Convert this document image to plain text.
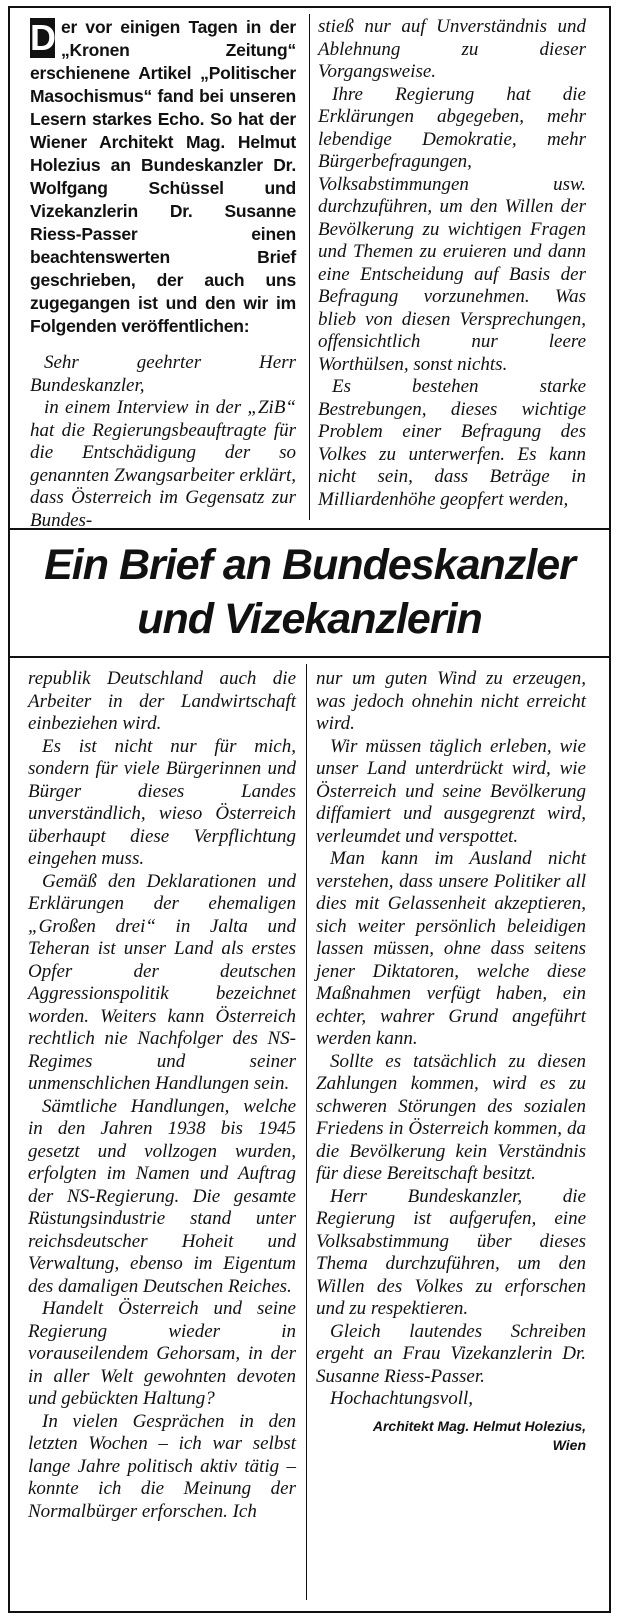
D er vor einigen Tagen in der „Kronen Zeitung“ erschienene Artikel „Politischer Masochismus“ fand bei unseren Lesern starkes Echo. So hat der Wiener Architekt Mag. Helmut Holezius an Bundeskanzler Dr. Wolfgang Schüssel und Vizekanzlerin Dr. Susanne Riess-Passer einen beachtenswerten Brief geschrieben, der auch uns zugegangen ist und den wir im Folgenden veröffentlichen:

Sehr geehrter Herr Bundeskanzler,

in einem Interview in der „ZiB“ hat die Regierungsbeauftragte für die Entschädigung der so genannten Zwangsarbeiter erklärt, dass Österreich im Gegensatz zur Bundes-

stieß nur auf Unverständnis und Ablehnung zu dieser Vorgangsweise.

Ihre Regierung hat die Erklärungen abgegeben, mehr lebendige Demokratie, mehr Bürgerbefragungen, Volksabstimmungen usw. durchzuführen, um den Willen der Bevölkerung zu wichtigen Fragen und Themen zu eruieren und dann eine Entscheidung auf Basis der Befragung vorzunehmen. Was blieb von diesen Versprechungen, offensichtlich nur leere Worthülsen, sonst nichts.

Es bestehen starke Bestrebungen, dieses wichtige Problem einer Befragung des Volkes zu unterwerfen. Es kann nicht sein, dass Beträge in Milliardenhöhe geopfert werden,

Ein Brief an Bundeskanzler
und Vizekanzlerin

republik Deutschland auch die Arbeiter in der Landwirtschaft einbeziehen wird.

Es ist nicht nur für mich, sondern für viele Bürgerinnen und Bürger dieses Landes unverständlich, wieso Österreich überhaupt diese Verpflichtung eingehen muss.

Gemäß den Deklarationen und Erklärungen der ehemaligen „Großen drei“ in Jalta und Teheran ist unser Land als erstes Opfer der deutschen Aggressionspolitik bezeichnet worden. Weiters kann Österreich rechtlich nie Nachfolger des NS-Regimes und seiner unmenschlichen Handlungen sein.

Sämtliche Handlungen, welche in den Jahren 1938 bis 1945 gesetzt und vollzogen wurden, erfolgten im Namen und Auftrag der NS-Regierung. Die gesamte Rüstungsindustrie stand unter reichsdeutscher Hoheit und Verwaltung, ebenso im Eigentum des damaligen Deutschen Reiches.

Handelt Österreich und seine Regierung wieder in vorauseilendem Gehorsam, in der in aller Welt gewohnten devoten und gebückten Haltung?

In vielen Gesprächen in den letzten Wochen – ich war selbst lange Jahre politisch aktiv tätig – konnte ich die Meinung der Normalbürger erforschen. Ich

nur um guten Wind zu erzeugen, was jedoch ohnehin nicht erreicht wird.

Wir müssen täglich erleben, wie unser Land unterdrückt wird, wie Österreich und seine Bevölkerung diffamiert und ausgegrenzt wird, verleumdet und verspottet.

Man kann im Ausland nicht verstehen, dass unsere Politiker all dies mit Gelassenheit akzeptieren, sich weiter persönlich beleidigen lassen müssen, ohne dass seitens jener Diktatoren, welche diese Maßnahmen verfügt haben, ein echter, wahrer Grund angeführt werden kann.

Sollte es tatsächlich zu diesen Zahlungen kommen, wird es zu schweren Störungen des sozialen Friedens in Österreich kommen, da die Bevölkerung kein Verständnis für diese Bereitschaft besitzt.

Herr Bundeskanzler, die Regierung ist aufgerufen, eine Volksabstimmung über dieses Thema durchzuführen, um den Willen des Volkes zu erforschen und zu respektieren.

Gleich lautendes Schreiben ergeht an Frau Vizekanzlerin Dr. Susanne Riess-Passer.

Hochachtungsvoll,

Architekt Mag. Helmut Holezius,
Wien
